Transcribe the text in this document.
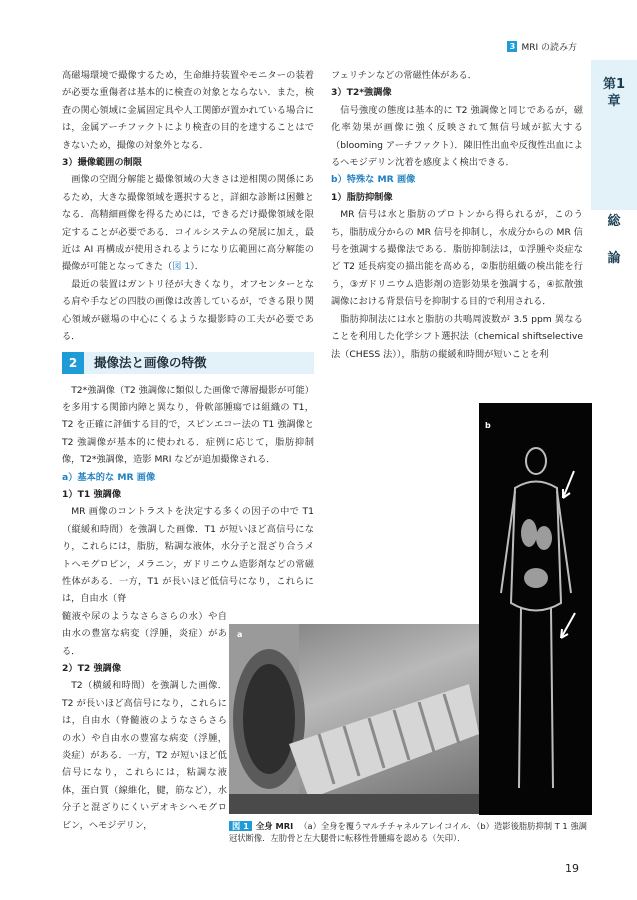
3 MRI の読み方
第1章
総
論

高磁場環境で撮像するため，生命維持装置やモニターの装着が必要な重傷者は基本的に検査の対象とならない．また，検査の関心領域に金属固定具や人工関節が置かれている場合には，金属アーチファクトにより検査の目的を達することはできないため，撮像の対象外となる．

3）撮像範囲の制限

画像の空間分解能と撮像領域の大きさは逆相関の関係にあるため，大きな撮像領域を選択すると，詳細な診断は困難となる．高精細画像を得るためには，できるだけ撮像領域を限定することが必要である．コイルシステムの発展に加え，最近は AI 再構成が使用されるようになり広範囲に高分解能の撮像が可能となってきた（図 1）．

最近の装置はガントリ径が大きくなり，オフセンターとなる肩や手などの四肢の画像は改善しているが，できる限り関心領域が磁場の中心にくるような撮影時の工夫が必要である．

2	撮像法と画像の特徴

T2*強調像（T2 強調像に類似した画像で薄層撮影が可能）を多用する関節内障と異なり，骨軟部腫瘍では組織の T1，T2 を正確に評価する目的で，スピンエコー法の T1 強調像と T2 強調像が基本的に使われる．症例に応じて，脂肪抑制像，T2*強調像，造影 MRI などが追加撮像される．

a）基本的な MR 画像
1）T1 強調像

MR 画像のコントラストを決定する多くの因子の中で T1（縦緩和時間）を強調した画像．T1 が短いほど高信号になり，これらには，脂肪，粘調な液体，水分子と混ざり合うメトヘモグロビン，メラニン，ガドリニウム造影剤などの常磁性体がある．一方，T1 が長いほど低信号になり，これらには，自由水（脊

髄液や尿のようなさらさらの水）や自由水の豊富な病変（浮腫，炎症）がある．

2）T2 強調像

T2（横緩和時間）を強調した画像．T2 が長いほど高信号になり，これらには，自由水（脊髄液のようなさらさらの水）や自由水の豊富な病変（浮腫，炎症）がある．一方，T2 が短いほど低信号になり，これらには，粘調な液体，蛋白質（線維化，腱，筋など），水分子と混ざりにくいデオキシヘモグロビン，ヘモジデリン，

フェリチンなどの常磁性体がある．

3）T2*強調像

信号強度の態度は基本的に T2 強調像と同じであるが，磁化率効果が画像に強く反映されて無信号域が拡大する（blooming アーチファクト）．陳旧性出血や反復性出血によるヘモジデリン沈着を感度よく検出できる．

b）特殊な MR 画像
1）脂肪抑制像

MR 信号は水と脂肪のプロトンから得られるが，このうち，脂肪成分からの MR 信号を抑制し，水成分からの MR 信号を強調する撮像法である．脂肪抑制法は，①浮腫や炎症など T2 延長病変の描出能を高める，②脂肪組織の検出能を行う，③ガドリニウム造影剤の造影効果を強調する，④拡散強調像における背景信号を抑制する目的で利用される．

脂肪抑制法には水と脂肪の共鳴周波数が 3.5 ppm 異なることを利用した化学シフト選択法（chemical shiftselective 法（CHESS 法）），脂肪の縦緩和時間が短いことを利

a
b
図 1 全身 MRI （a）全身を覆うマルチチャネルアレイコイル．（b）造影後脂肪抑制 T 1 強調冠状断像．左肋骨と左大腿骨に転移性骨腫瘍を認める（矢印）．
19
